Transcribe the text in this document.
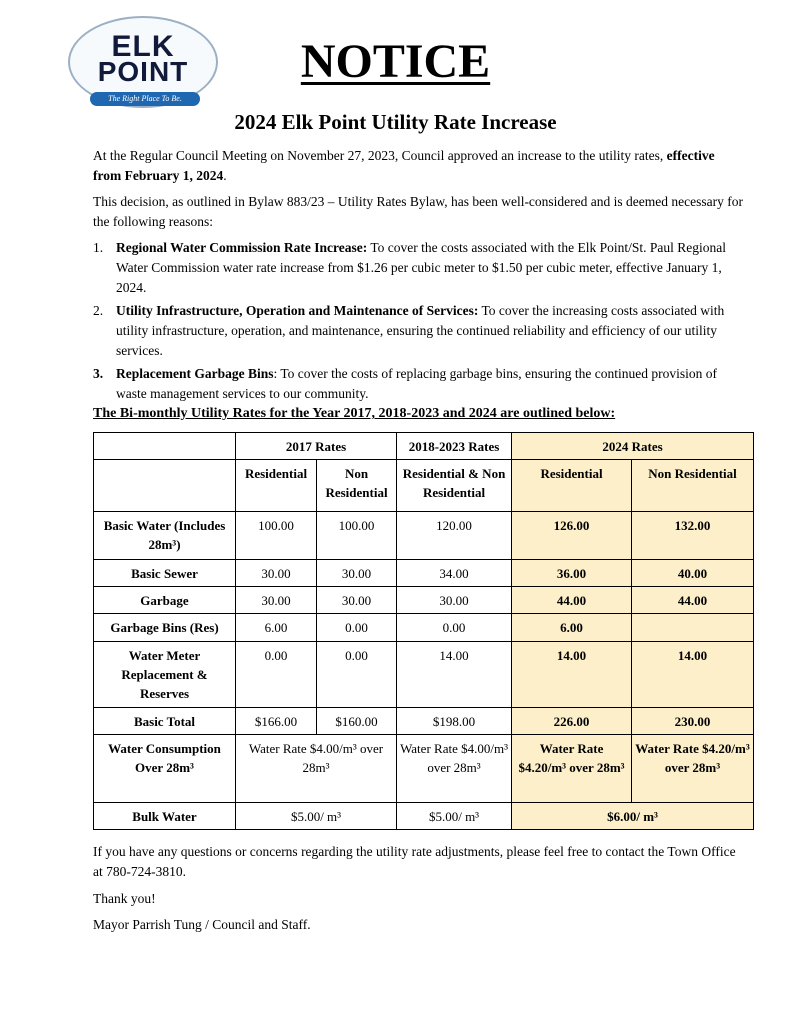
ELK
POINT
The Right Place To Be.
NOTICE
2024 Elk Point Utility Rate Increase

At the Regular Council Meeting on November 27, 2023, Council approved an increase to the utility rates, effective from February 1, 2024.

This decision, as outlined in Bylaw 883/23 – Utility Rates Bylaw, has been well-considered and is deemed necessary for the following reasons:

1. Regional Water Commission Rate Increase: To cover the costs associated with the Elk Point/St. Paul Regional Water Commission water rate increase from $1.26 per cubic meter to $1.50 per cubic meter, effective January 1, 2024.
2. Utility Infrastructure, Operation and Maintenance of Services: To cover the increasing costs associated with utility infrastructure, operation, and maintenance, ensuring the continued reliability and efficiency of our utility services.
3. Replacement Garbage Bins: To cover the costs of replacing garbage bins, ensuring the continued provision of waste management services to our community.
The Bi-monthly Utility Rates for the Year 2017, 2018-2023 and 2024 are outlined below:
	2017 Rates		2018-2023 Rates	2024 Rates	
	Residential	Non Residential	Residential & Non Residential	Residential	Non Residential
Basic Water (Includes 28m³)	100.00	100.00	120.00	126.00	132.00
Basic Sewer	30.00	30.00	34.00	36.00	40.00
Garbage	30.00	30.00	30.00	44.00	44.00
Garbage Bins (Res)	6.00	0.00	0.00	6.00	
Water Meter Replacement & Reserves	0.00	0.00	14.00	14.00	14.00
Basic Total	$166.00	$160.00	$198.00	226.00	230.00
Water Consumption Over 28m³	Water Rate $4.00/m³ over 28m³		Water Rate $4.00/m³ over 28m³	Water Rate $4.20/m³ over 28m³	Water Rate $4.20/m³ over 28m³
Bulk Water	$5.00/ m³		$5.00/ m³	$6.00/ m³	
If you have any questions or concerns regarding the utility rate adjustments, please feel free to contact the Town Office at 780-724-3810.
Thank you!
Mayor Parrish Tung / Council and Staff.
